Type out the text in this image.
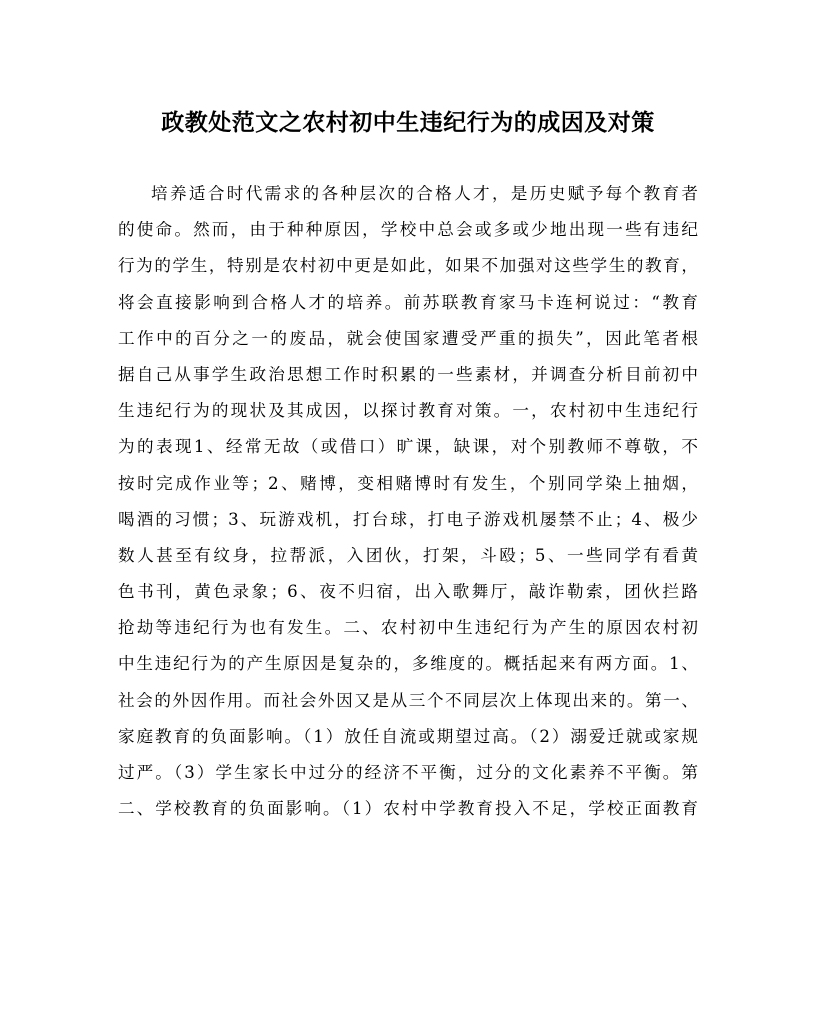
政教处范文之农村初中生违纪行为的成因及对策
培养适合时代需求的各种层次的合格人才，是历史赋予每个教育者
的使命。然而，由于种种原因，学校中总会或多或少地出现一些有违纪
行为的学生，特别是农村初中更是如此，如果不加强对这些学生的教育，
将会直接影响到合格人才的培养。前苏联教育家马卡连柯说过：“教育
工作中的百分之一的废品，就会使国家遭受严重的损失”，因此笔者根
据自己从事学生政治思想工作时积累的一些素材，并调查分析目前初中
生违纪行为的现状及其成因，以探讨教育对策。一，农村初中生违纪行
为的表现1、经常无故（或借口）旷课，缺课，对个别教师不尊敬，不
按时完成作业等；2、赌博，变相赌博时有发生，个别同学染上抽烟，
喝酒的习惯；3、玩游戏机，打台球，打电子游戏机屡禁不止；4、极少
数人甚至有纹身，拉帮派，入团伙，打架，斗殴；5、一些同学有看黄
色书刊，黄色录象；6、夜不归宿，出入歌舞厅，敲诈勒索，团伙拦路
抢劫等违纪行为也有发生。二、农村初中生违纪行为产生的原因农村初
中生违纪行为的产生原因是复杂的，多维度的。概括起来有两方面。1、
社会的外因作用。而社会外因又是从三个不同层次上体现出来的。第一、
家庭教育的负面影响。（1）放任自流或期望过高。（2）溺爱迁就或家规
过严。（3）学生家长中过分的经济不平衡，过分的文化素养不平衡。第
二、学校教育的负面影响。（1）农村中学教育投入不足，学校正面教育
